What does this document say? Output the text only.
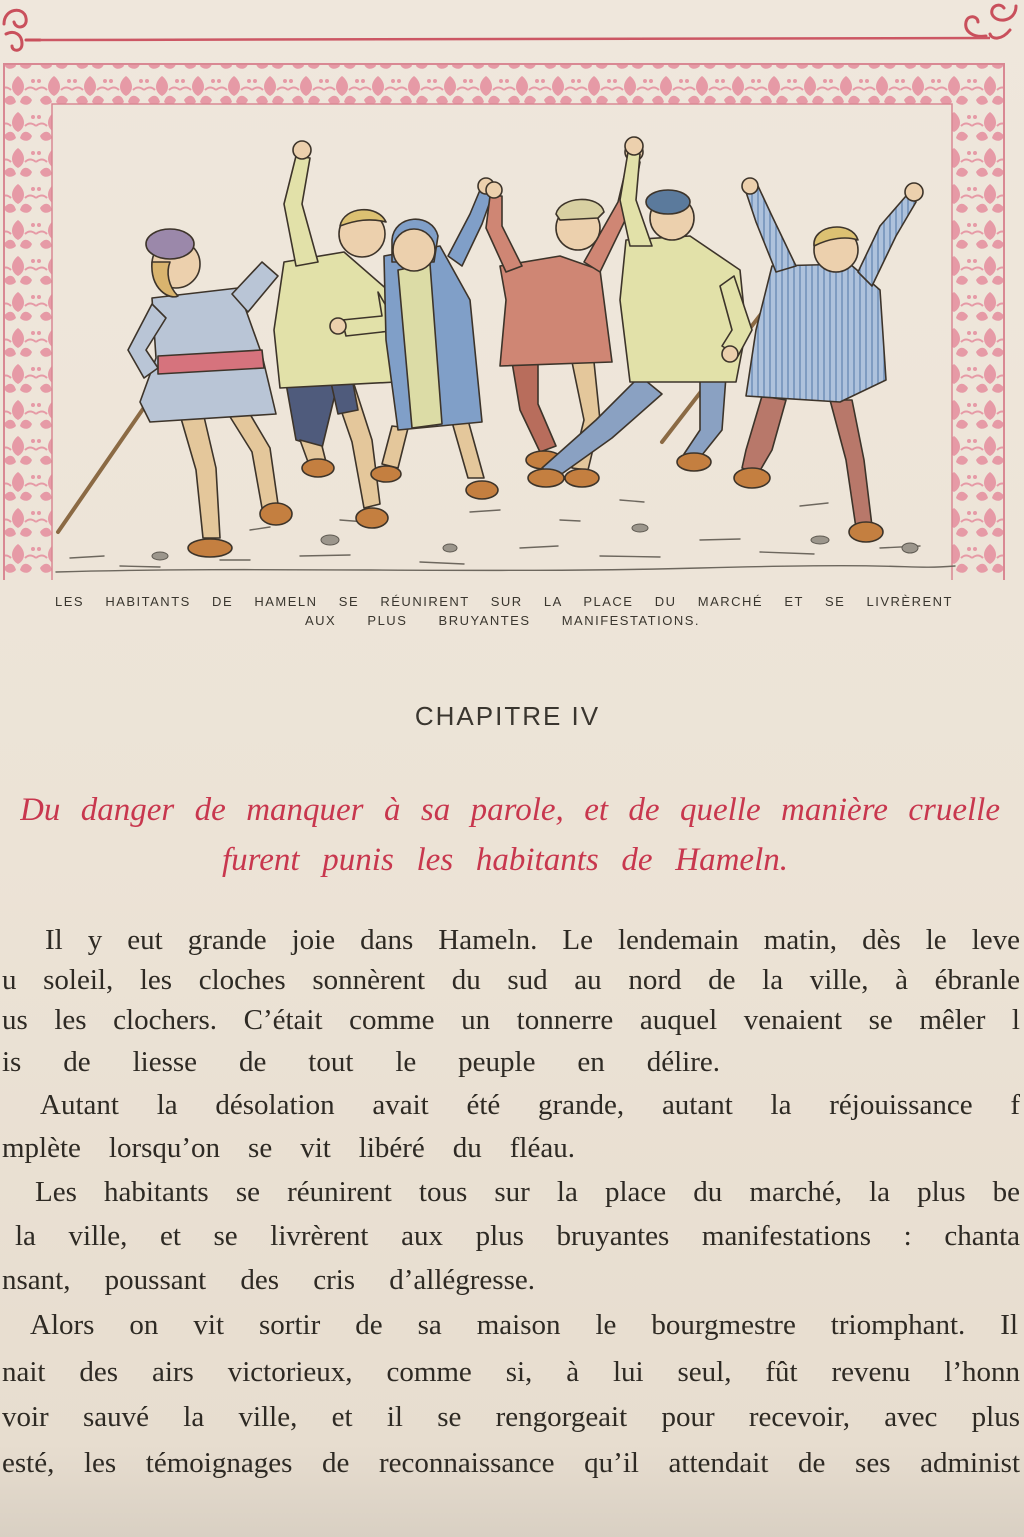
LES HABITANTS DE HAMELN SE RÉUNIRENT SUR LA PLACE DU MARCHÉ ET SE LIVRÈRENT
AUX PLUS BRUYANTES MANIFESTATIONS.
CHAPITRE IV
Du danger de manquer à sa parole, et de quelle manière cruelle
furent punis les habitants de Hameln.
Il y eut grande joie dans Hameln. Le lendemain matin, dès le leve
u soleil, les cloches sonnèrent du sud au nord de la ville, à ébranle
us les clochers. C’était comme un tonnerre auquel venaient se mêler l
is de liesse de tout le peuple en délire.
Autant la désolation avait été grande, autant la réjouissance f
mplète lorsqu’on se vit libéré du fléau.
Les habitants se réunirent tous sur la place du marché, la plus be
la ville, et se livrèrent aux plus bruyantes manifestations : chanta
nsant, poussant des cris d’allégresse.
Alors on vit sortir de sa maison le bourgmestre triomphant. Il
nait des airs victorieux, comme si, à lui seul, fût revenu l’honn
voir sauvé la ville, et il se rengorgeait pour recevoir, avec plus
esté, les témoignages de reconnaissance qu’il attendait de ses administ
